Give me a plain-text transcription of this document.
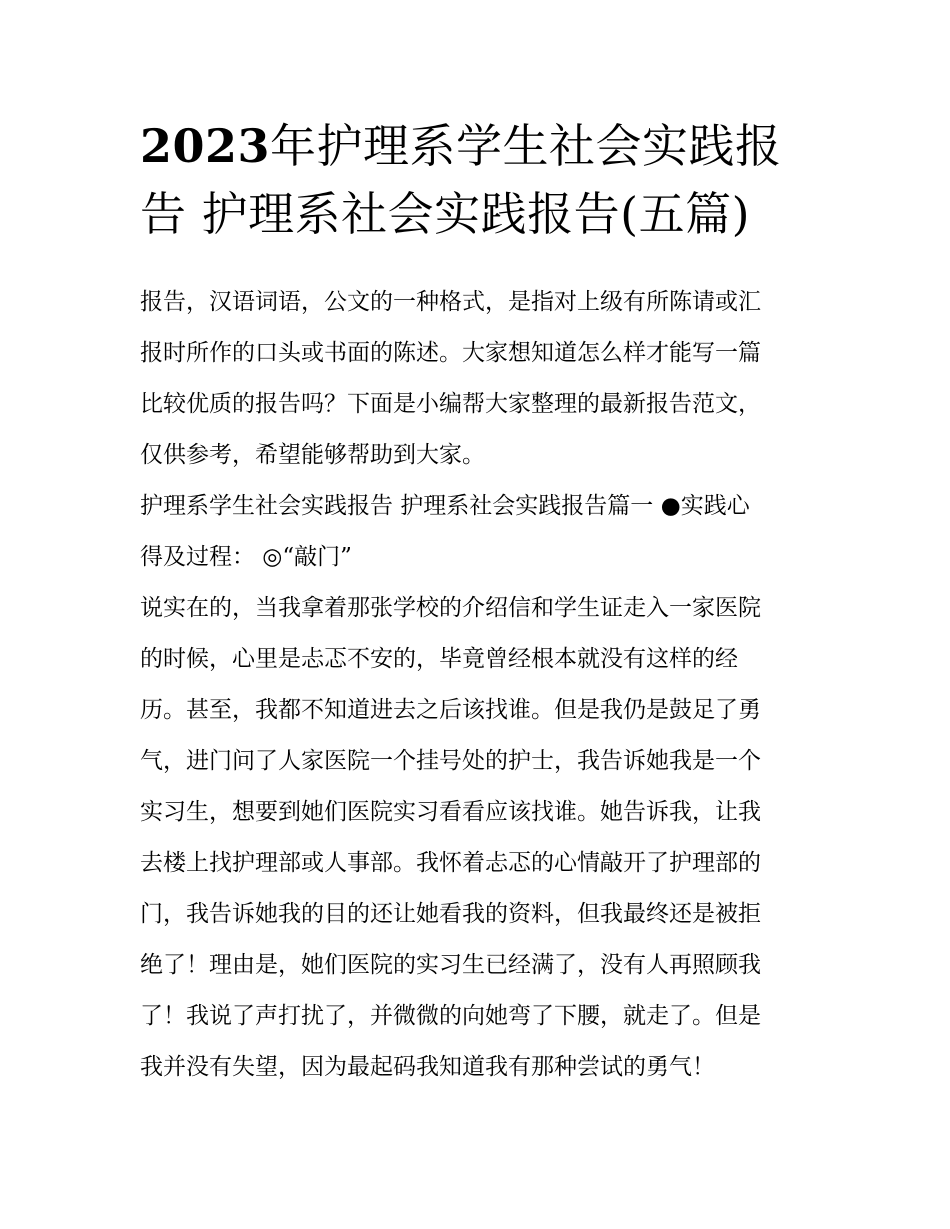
2023年护理系学生社会实践报
告 护理系社会实践报告(五篇)
报告，汉语词语，公文的一种格式，是指对上级有所陈请或汇
报时所作的口头或书面的陈述。大家想知道怎么样才能写一篇
比较优质的报告吗？下面是小编帮大家整理的最新报告范文，
仅供参考，希望能够帮助到大家。
护理系学生社会实践报告 护理系社会实践报告篇一 ●实践心
得及过程： ◎“敲门”
说实在的，当我拿着那张学校的介绍信和学生证走入一家医院
的时候，心里是忐忑不安的，毕竟曾经根本就没有这样的经
历。甚至，我都不知道进去之后该找谁。但是我仍是鼓足了勇
气，进门问了人家医院一个挂号处的护士，我告诉她我是一个
实习生，想要到她们医院实习看看应该找谁。她告诉我，让我
去楼上找护理部或人事部。我怀着忐忑的心情敲开了护理部的
门，我告诉她我的目的还让她看我的资料，但我最终还是被拒
绝了！理由是，她们医院的实习生已经满了，没有人再照顾我
了！我说了声打扰了，并微微的向她弯了下腰，就走了。但是
我并没有失望，因为最起码我知道我有那种尝试的勇气！
